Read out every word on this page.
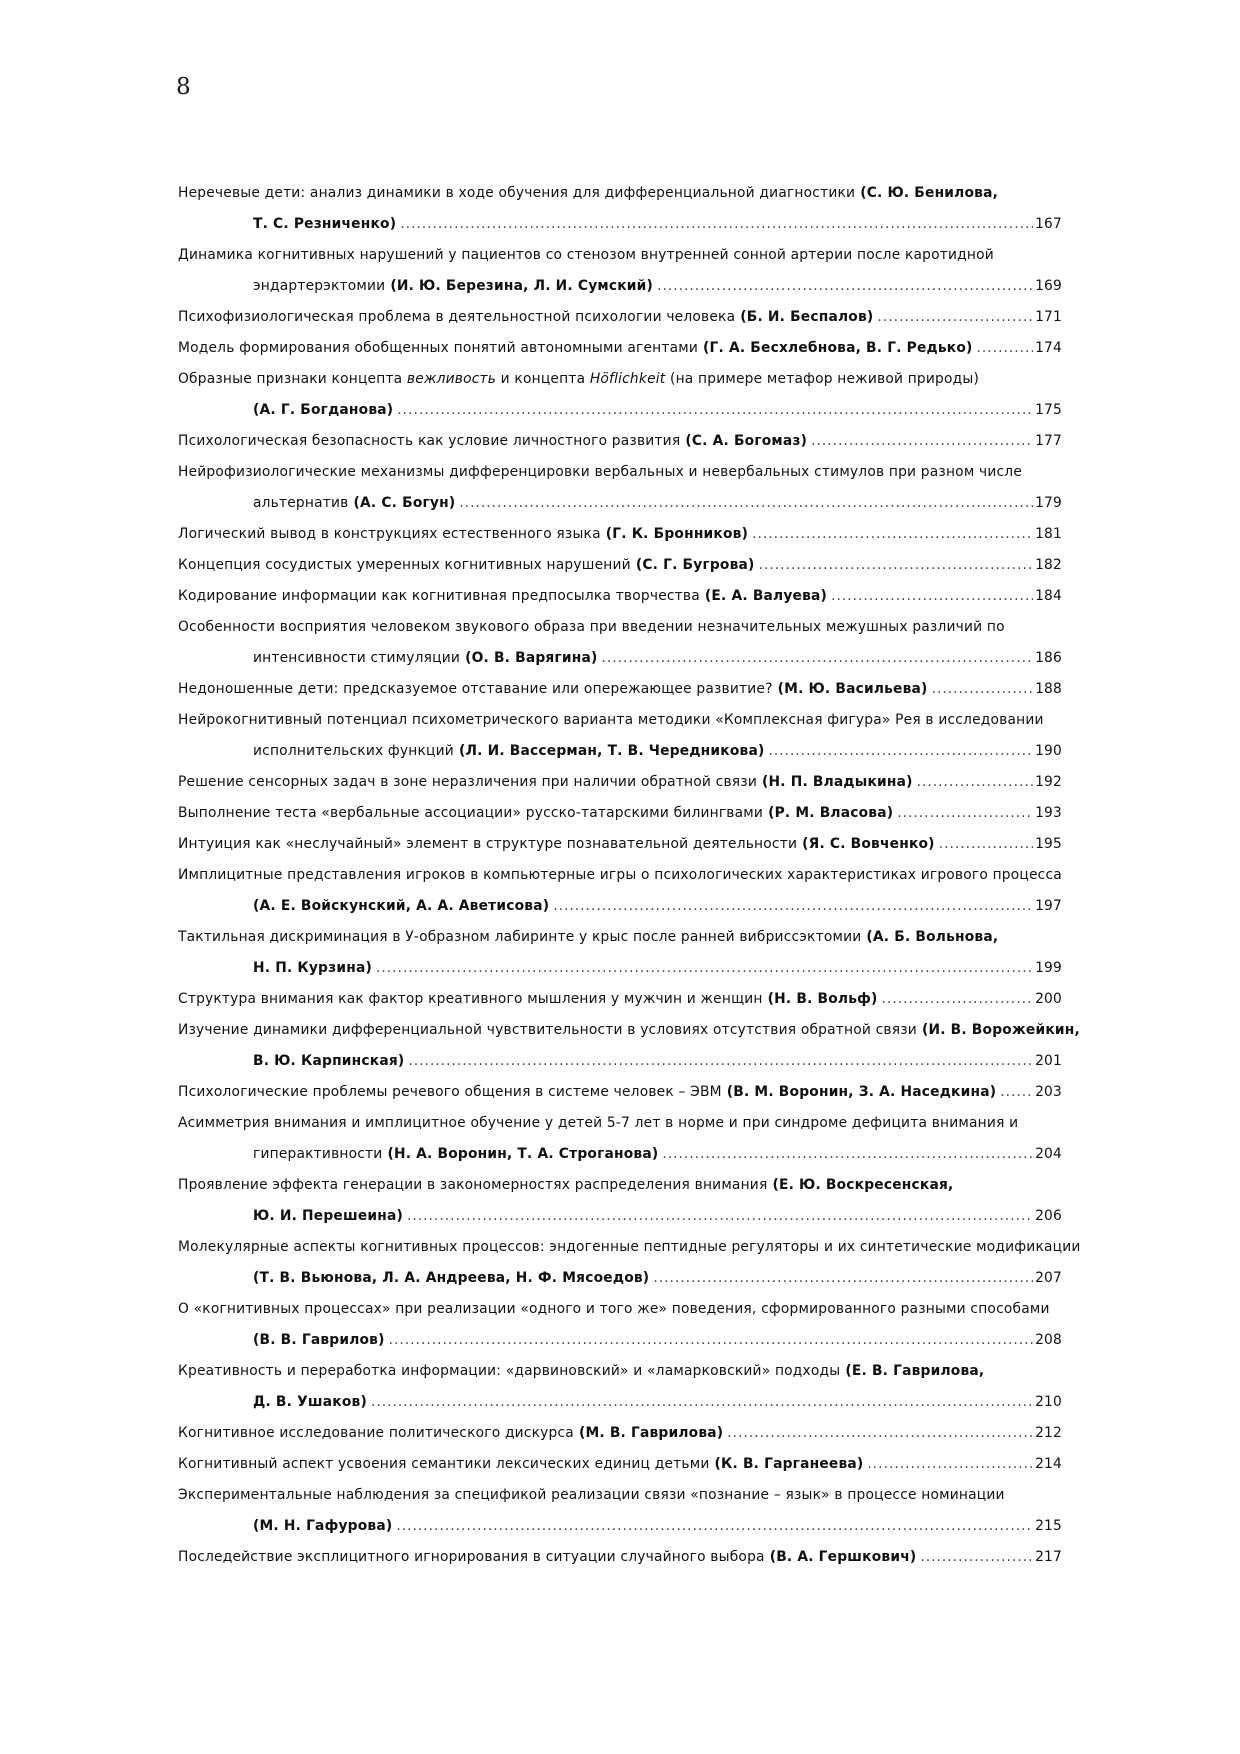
8
Неречевые дети: анализ динамики в ходе обучения для дифференциальной диагностики (С. Ю. Бенилова,
Т. С. Резниченко) .....	167
Динамика когнитивных нарушений у пациентов со стенозом внутренней сонной артерии после каротидной
эндартерэктомии (И. Ю. Березина, Л. И. Сумский) .....	169
Психофизиологическая проблема в деятельностной психологии человека (Б. И. Беспалов) .....	171
Модель формирования обобщенных понятий автономными агентами (Г. А. Бесхлебнова, В. Г. Редько) .....	174
Образные признаки концепта вежливость и концепта Höflichkeit (на примере метафор неживой природы)
(А. Г. Богданова) .....	175
Психологическая безопасность как условие личностного развития (С. А. Богомаз) .....	177
Нейрофизиологические механизмы дифференцировки вербальных и невербальных стимулов при разном числе
альтернатив (А. С. Богун) .....	179
Логический вывод в конструкциях естественного языка (Г. К. Бронников) .....	181
Концепция сосудистых умеренных когнитивных нарушений (С. Г. Бугрова) .....	182
Кодирование информации как когнитивная предпосылка творчества (Е. А. Валуева) .....	184
Особенности восприятия человеком звукового образа при введении незначительных межушных различий по
интенсивности стимуляции (О. В. Варягина) .....	186
Недоношенные дети: предсказуемое отставание или опережающее развитие? (М. Ю. Васильева) .....	188
Нейрокогнитивный потенциал психометрического варианта методики «Комплексная фигура» Рея в исследовании
исполнительских функций (Л. И. Вассерман, Т. В. Чередникова) .....	190
Решение сенсорных задач в зоне неразличения при наличии обратной связи (Н. П. Владыкина) .....	192
Выполнение теста «вербальные ассоциации» русско-татарскими билингвами (Р. М. Власова) .....	193
Интуиция как «неслучайный» элемент в структуре познавательной деятельности (Я. С. Вовченко) .....	195
Имплицитные представления игроков в компьютерные игры о психологических характеристиках игрового процесса
(А. Е. Войскунский, А. А. Аветисова) .....	197
Тактильная дискриминация в У-образном лабиринте у крыс после ранней вибриссэктомии (А. Б. Вольнова,
Н. П. Курзина) .....	199
Структура внимания как фактор креативного мышления у мужчин и женщин (Н. В. Вольф) .....	200
Изучение динамики дифференциальной чувствительности в условиях отсутствия обратной связи (И. В. Ворожейкин,
В. Ю. Карпинская) .....	201
Психологические проблемы речевого общения в системе человек – ЭВМ (В. М. Воронин, З. А. Наседкина) .....	203
Асимметрия внимания и имплицитное обучение у детей 5-7 лет в норме и при синдроме дефицита внимания и
гиперактивности (Н. А. Воронин, Т. А. Строганова) .....	204
Проявление эффекта генерации в закономерностях распределения внимания (Е. Ю. Воскресенская,
Ю. И. Перешеина) .....	206
Молекулярные аспекты когнитивных процессов: эндогенные пептидные регуляторы и их синтетические модификации
(Т. В. Вьюнова, Л. А. Андреева, Н. Ф. Мясоедов) .....	207
О «когнитивных процессах» при реализации «одного и того же» поведения, сформированного разными способами
(В. В. Гаврилов) .....	208
Креативность и переработка информации: «дарвиновский» и «ламарковский» подходы (Е. В. Гаврилова,
Д. В. Ушаков) .....	210
Когнитивное исследование политического дискурса (М. В. Гаврилова) .....	212
Когнитивный аспект усвоения семантики лексических единиц детьми (К. В. Гарганеева) .....	214
Экспериментальные наблюдения за спецификой реализации связи «познание – язык» в процессе номинации
(М. Н. Гафурова) .....	215
Последействие эксплицитного игнорирования в ситуации случайного выбора (В. А. Гершкович) .....	217
